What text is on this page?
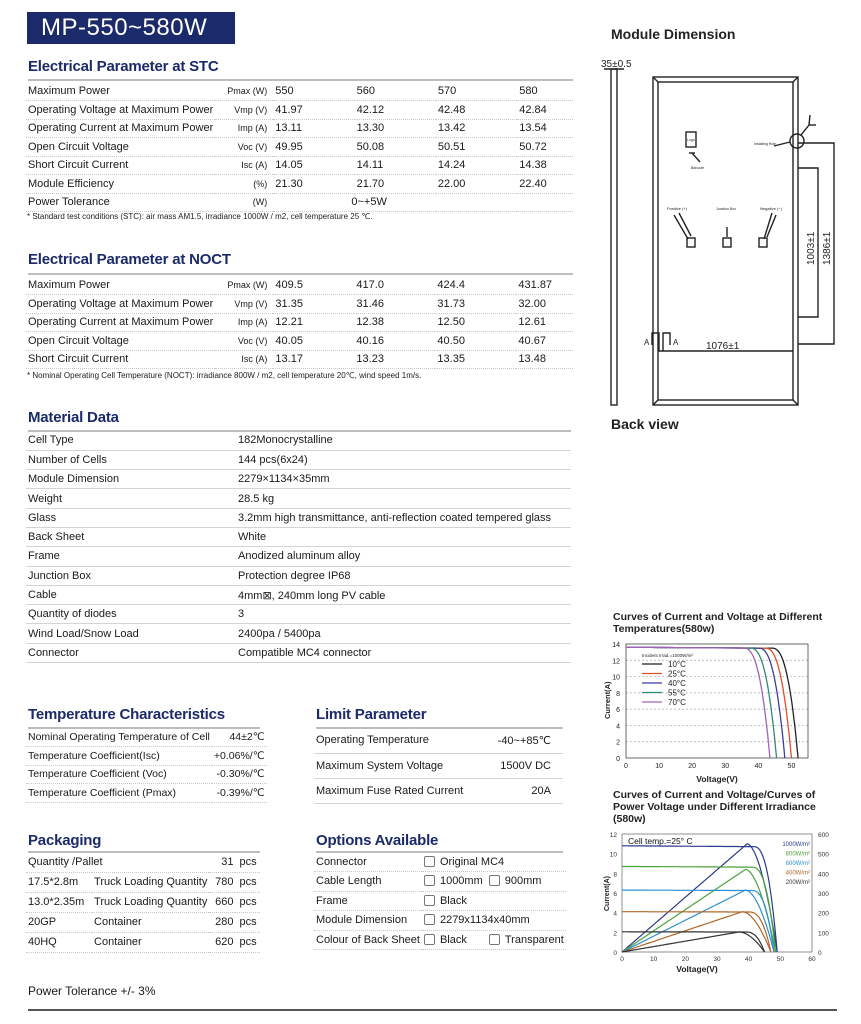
MP-550~580W
Electrical Parameter at STC
Maximum Power	Pmax (W)	550	560	570	580
Operating Voltage at Maximum Power	Vmp (V)	41.97	42.12	42.48	42.84
Operating Current at Maximum Power	Imp (A)	13.11	13.30	13.42	13.54
Open Circuit Voltage	Voc (V)	49.95	50.08	50.51	50.72
Short Circuit Current	Isc (A)	14.05	14.11	14.24	14.38
Module Efficiency	(%)	21.30	21.70	22.00	22.40
Power Tolerance	(W)	0~+5W			
* Standard test conditions (STC): air mass AM1.5, irradiance 1000W / m2, cell temperature 25 ℃.
Electrical Parameter at NOCT
Maximum Power	Pmax (W)	409.5	417.0	424.4	431.87
Operating Voltage at Maximum Power	Vmp (V)	31.35	31.46	31.73	32.00
Operating Current at Maximum Power	Imp (A)	12.21	12.38	12.50	12.61
Open Circuit Voltage	Voc (V)	40.05	40.16	40.50	40.67
Short Circuit Current	Isc (A)	13.17	13.23	13.35	13.48
* Nominal Operating Cell Temperature (NOCT): irradiance 800W / m2, cell temperature 20℃, wind speed 1m/s.
Material Data
Cell Type	182Monocrystalline
Number of Cells	144 pcs(6x24)
Module Dimension	2279×1134×35mm
Weight	28.5 kg
Glass	3.2mm high transmittance, anti-reflection coated tempered glass
Back Sheet	White
Frame	Anodized aluminum alloy
Junction Box	Protection degree IP68
Cable	4mm⊠, 240mm long PV cable
Quantity of diodes	3
Wind Load/Snow Load	2400pa / 5400pa
Connector	Compatible MC4 connector
Temperature Characteristics
Nominal Operating Temperature of Cell	44±2℃
Temperature Coefficient(Isc)	+0.06%/℃
Temperature Coefficient (Voc)	-0.30%/℃
Temperature Coefficient (Pmax)	-0.39%/℃
Limit Parameter
Operating Temperature	-40~+85℃
Maximum System Voltage	1500V DC
Maximum Fuse Rated Current	20A
Packaging
Quantity /Pallet		31	pcs
17.5*2.8m	Truck Loading Quantity	780	pcs
13.0*2.35m	Truck Loading Quantity	660	pcs
20GP	Container	280	pcs
40HQ	Container	620	pcs
Options Available
Connector	Original MC4
Cable Length	1000mm 900mm
Frame	Black
Module Dimension	2279x1134x40mm
Colour of Back Sheet	Black Transparent
Module Dimension
35±0.5
1076±1
A	A
1003±1 1386±1
Logo
Barcode
Installing Hole
Positive (+)	Junction Box	Negative (−)
Back view
Curves of Current and Voltage at Different Temperatures(580w)
0
2
4
6
8
10
12
14
0	10	20	30	40	50
Incident Irrad.=1000W/m²
10°C
25°C
40°C
55°C
70°C
Voltage(V)
Current(A)
Curves of Current and Voltage/Curves of Power Voltage under Different Irradiance (580w)
0
2
4
6
8
10
12
0
100
200
300
400
500
600
0	10	20	30	40	50	60
Cell temp.=25° C	1000W/m²
800W/m²
600W/m²
400W/m²
200W/m²
Voltage(V)
Current(A)
Power Tolerance +/- 3%
